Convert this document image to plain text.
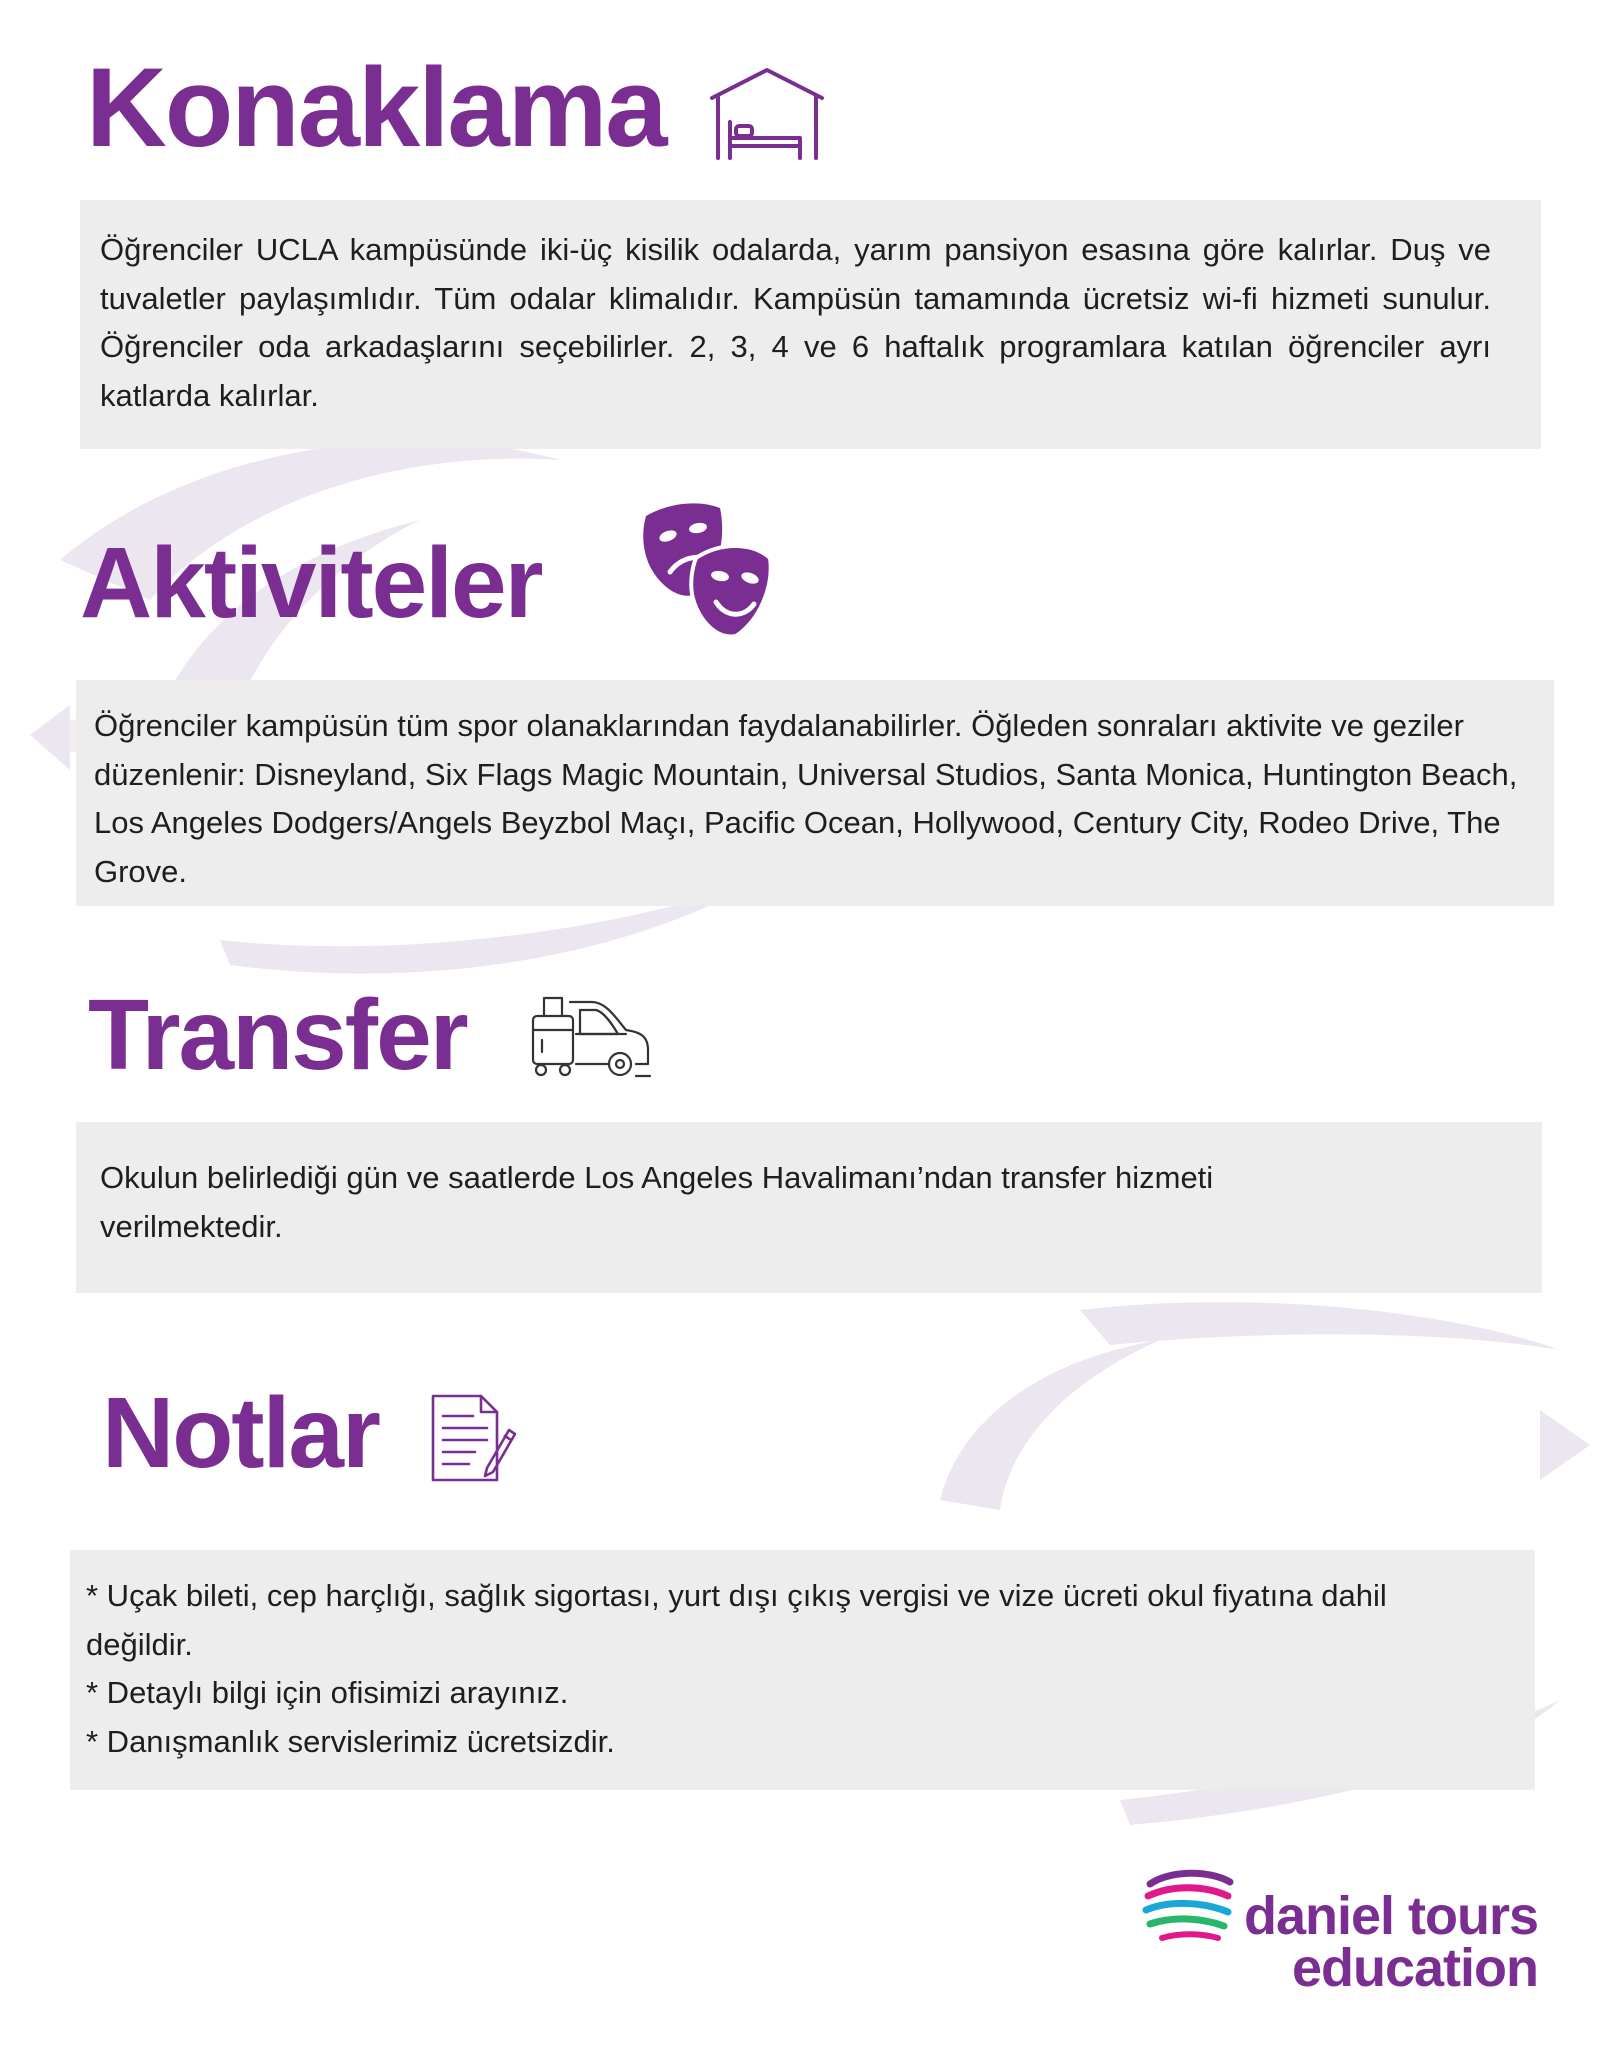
Konaklama

Öğrenciler UCLA kampüsünde iki-üç kisilik odalarda, yarım pansiyon esasına göre kalırlar. Duş ve tuvaletler paylaşımlıdır. Tüm odalar klimalıdır. Kampüsün tamamında ücretsiz wi-fi hizmeti sunulur. Öğrenciler oda arkadaşlarını seçebilirler. 2, 3, 4 ve 6 haftalık programlara katılan öğrenciler ayrı katlarda kalırlar.

Aktiviteler

Öğrenciler kampüsün tüm spor olanaklarından faydalanabilirler. Öğleden sonraları aktivite ve geziler düzenlenir: Disneyland, Six Flags Magic Mountain, Universal Studios, Santa Monica, Huntington Beach, Los Angeles Dodgers/Angels Beyzbol Maçı, Pacific Ocean, Hollywood, Century City, Rodeo Drive, The Grove.

Transfer

Okulun belirlediği gün ve saatlerde Los Angeles Havalimanı’ndan transfer hizmeti verilmektedir.

Notlar

* Uçak bileti, cep harçlığı, sağlık sigortası, yurt dışı çıkış vergisi ve vize ücreti okul fiyatına dahil değildir.

* Detaylı bilgi için ofisimizi arayınız.

* Danışmanlık servislerimiz ücretsizdir.

daniel tours
education
